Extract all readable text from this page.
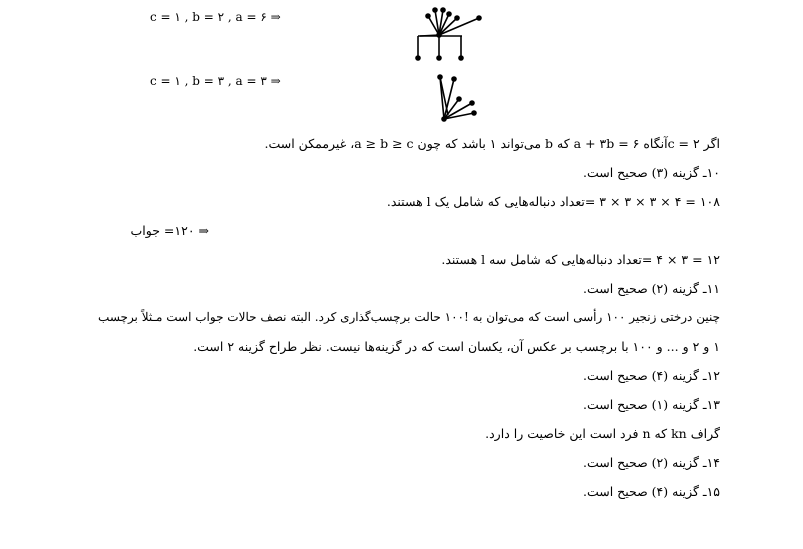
c = ۱ , b = ۲ , a = ۶ ⇒
c = ۱ , b = ۳ , a = ۳ ⇒
اگر c = ۲آنگاه a + ۳b = ۶ که b می‌تواند ۱ باشد که چون a ≥ b ≥ c، غیرممکن است.
۱۰ـ گزینه (۳) صحیح است.
۱۰۸ = ۴ × ۳ × ۳ × ۳ =تعداد دنباله‌هایی که شامل یک ‌l هستند.
⇒ ۱۲۰= جواب
۱۲ = ۳ × ۴ =تعداد دنباله‌هایی که شامل سه ‌l هستند.
۱۱ـ گزینه (۲) صحیح است.
چنین درختی زنجیر ۱۰۰ رأسی است که می‌توان به !۱۰۰ حالت برچسب‌گذاری کرد. البته نصف حالات جواب است مـثلاً برچسب
۱ و ۲ و ... و ۱۰۰ با برچسب بر عکس آن، یکسان است که در گزینه‌ها نیست. نظر طراح گزینه ۲ است.
۱۲ـ گزینه (۴) صحیح است.
۱۳ـ گزینه (۱) صحیح است.
گراف kn که n فرد است این خاصیت را دارد.
۱۴ـ گزینه (۲) صحیح است.
۱۵ـ گزینه (۴) صحیح است.
